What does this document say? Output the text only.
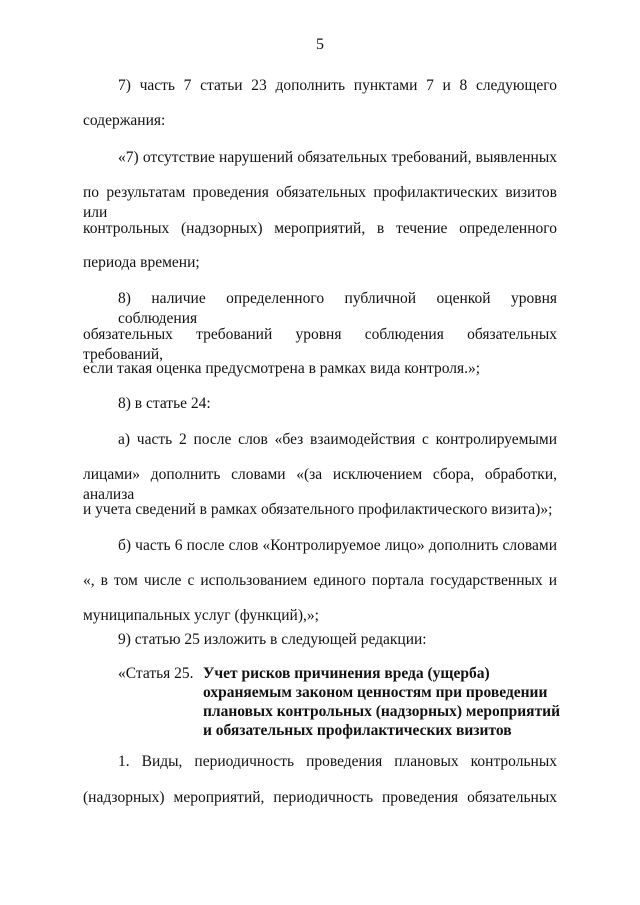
5
7) часть 7 статьи 23 дополнить пунктами 7 и 8 следующего
содержания:
«7) отсутствие нарушений обязательных требований, выявленных
по результатам проведения обязательных профилактических визитов или
контрольных (надзорных) мероприятий, в течение определенного
периода времени;
8) наличие определенного публичной оценкой уровня соблюдения
обязательных требований уровня соблюдения обязательных требований,
если такая оценка предусмотрена в рамках вида контроля.»;
8) в статье 24:
а) часть 2 после слов «без взаимодействия с контролируемыми
лицами» дополнить словами «(за исключением сбора, обработки, анализа
и учета сведений в рамках обязательного профилактического визита)»;
б) часть 6 после слов «Контролируемое лицо» дополнить словами
«, в том числе с использованием единого портала государственных и
муниципальных услуг (функций),»;
9) статью 25 изложить в следующей редакции:
«Статья 25. Учет рисков причинения вреда (ущерба)
охраняемым законом ценностям при проведении
плановых контрольных (надзорных) мероприятий
и обязательных профилактических визитов
1. Виды, периодичность проведения плановых контрольных
(надзорных) мероприятий, периодичность проведения обязательных
